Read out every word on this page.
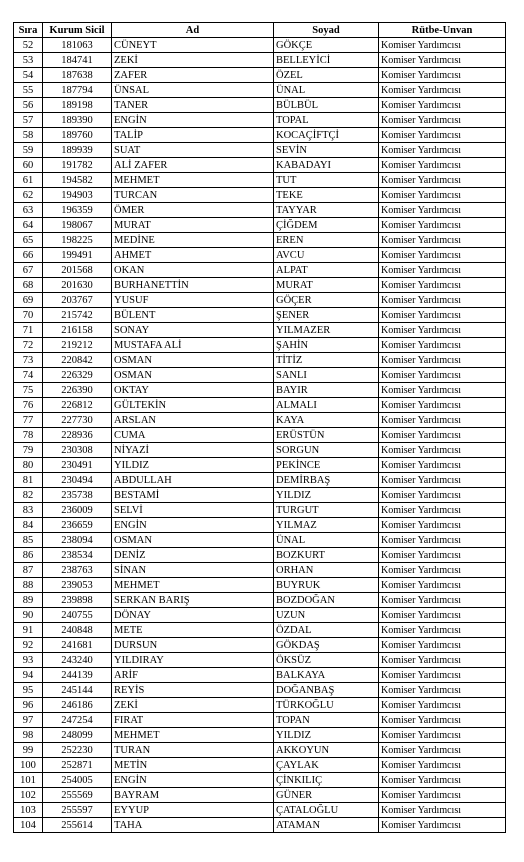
Sıra	Kurum Sicil	Ad	Soyad	Rütbe-Unvan
52	181063	CÜNEYT	GÖKÇE	Komiser Yardımcısı
53	184741	ZEKİ	BELLEYİCİ	Komiser Yardımcısı
54	187638	ZAFER	ÖZEL	Komiser Yardımcısı
55	187794	ÜNSAL	ÜNAL	Komiser Yardımcısı
56	189198	TANER	BÜLBÜL	Komiser Yardımcısı
57	189390	ENGİN	TOPAL	Komiser Yardımcısı
58	189760	TALİP	KOCAÇİFTÇİ	Komiser Yardımcısı
59	189939	SUAT	SEVİN	Komiser Yardımcısı
60	191782	ALİ ZAFER	KABADAYI	Komiser Yardımcısı
61	194582	MEHMET	TUT	Komiser Yardımcısı
62	194903	TURCAN	TEKE	Komiser Yardımcısı
63	196359	ÖMER	TAYYAR	Komiser Yardımcısı
64	198067	MURAT	ÇİĞDEM	Komiser Yardımcısı
65	198225	MEDİNE	EREN	Komiser Yardımcısı
66	199491	AHMET	AVCU	Komiser Yardımcısı
67	201568	OKAN	ALPAT	Komiser Yardımcısı
68	201630	BURHANETTİN	MURAT	Komiser Yardımcısı
69	203767	YUSUF	GÖÇER	Komiser Yardımcısı
70	215742	BÜLENT	ŞENER	Komiser Yardımcısı
71	216158	SONAY	YILMAZER	Komiser Yardımcısı
72	219212	MUSTAFA ALİ	ŞAHİN	Komiser Yardımcısı
73	220842	OSMAN	TİTİZ	Komiser Yardımcısı
74	226329	OSMAN	SANLI	Komiser Yardımcısı
75	226390	OKTAY	BAYIR	Komiser Yardımcısı
76	226812	GÜLTEKİN	ALMALI	Komiser Yardımcısı
77	227730	ARSLAN	KAYA	Komiser Yardımcısı
78	228936	CUMA	ERÜSTÜN	Komiser Yardımcısı
79	230308	NİYAZİ	SORGUN	Komiser Yardımcısı
80	230491	YILDIZ	PEKİNCE	Komiser Yardımcısı
81	230494	ABDULLAH	DEMİRBAŞ	Komiser Yardımcısı
82	235738	BESTAMİ	YILDIZ	Komiser Yardımcısı
83	236009	SELVİ	TURGUT	Komiser Yardımcısı
84	236659	ENGİN	YILMAZ	Komiser Yardımcısı
85	238094	OSMAN	ÜNAL	Komiser Yardımcısı
86	238534	DENİZ	BOZKURT	Komiser Yardımcısı
87	238763	SİNAN	ORHAN	Komiser Yardımcısı
88	239053	MEHMET	BUYRUK	Komiser Yardımcısı
89	239898	SERKAN BARIŞ	BOZDOĞAN	Komiser Yardımcısı
90	240755	DÖNAY	UZUN	Komiser Yardımcısı
91	240848	METE	ÖZDAL	Komiser Yardımcısı
92	241681	DURSUN	GÖKDAŞ	Komiser Yardımcısı
93	243240	YILDIRAY	ÖKSÜZ	Komiser Yardımcısı
94	244139	ARİF	BALKAYA	Komiser Yardımcısı
95	245144	REYİS	DOĞANBAŞ	Komiser Yardımcısı
96	246186	ZEKİ	TÜRKOĞLU	Komiser Yardımcısı
97	247254	FIRAT	TOPAN	Komiser Yardımcısı
98	248099	MEHMET	YILDIZ	Komiser Yardımcısı
99	252230	TURAN	AKKOYUN	Komiser Yardımcısı
100	252871	METİN	ÇAYLAK	Komiser Yardımcısı
101	254005	ENGİN	ÇİNKILIÇ	Komiser Yardımcısı
102	255569	BAYRAM	GÜNER	Komiser Yardımcısı
103	255597	EYYUP	ÇATALOĞLU	Komiser Yardımcısı
104	255614	TAHA	ATAMAN	Komiser Yardımcısı
